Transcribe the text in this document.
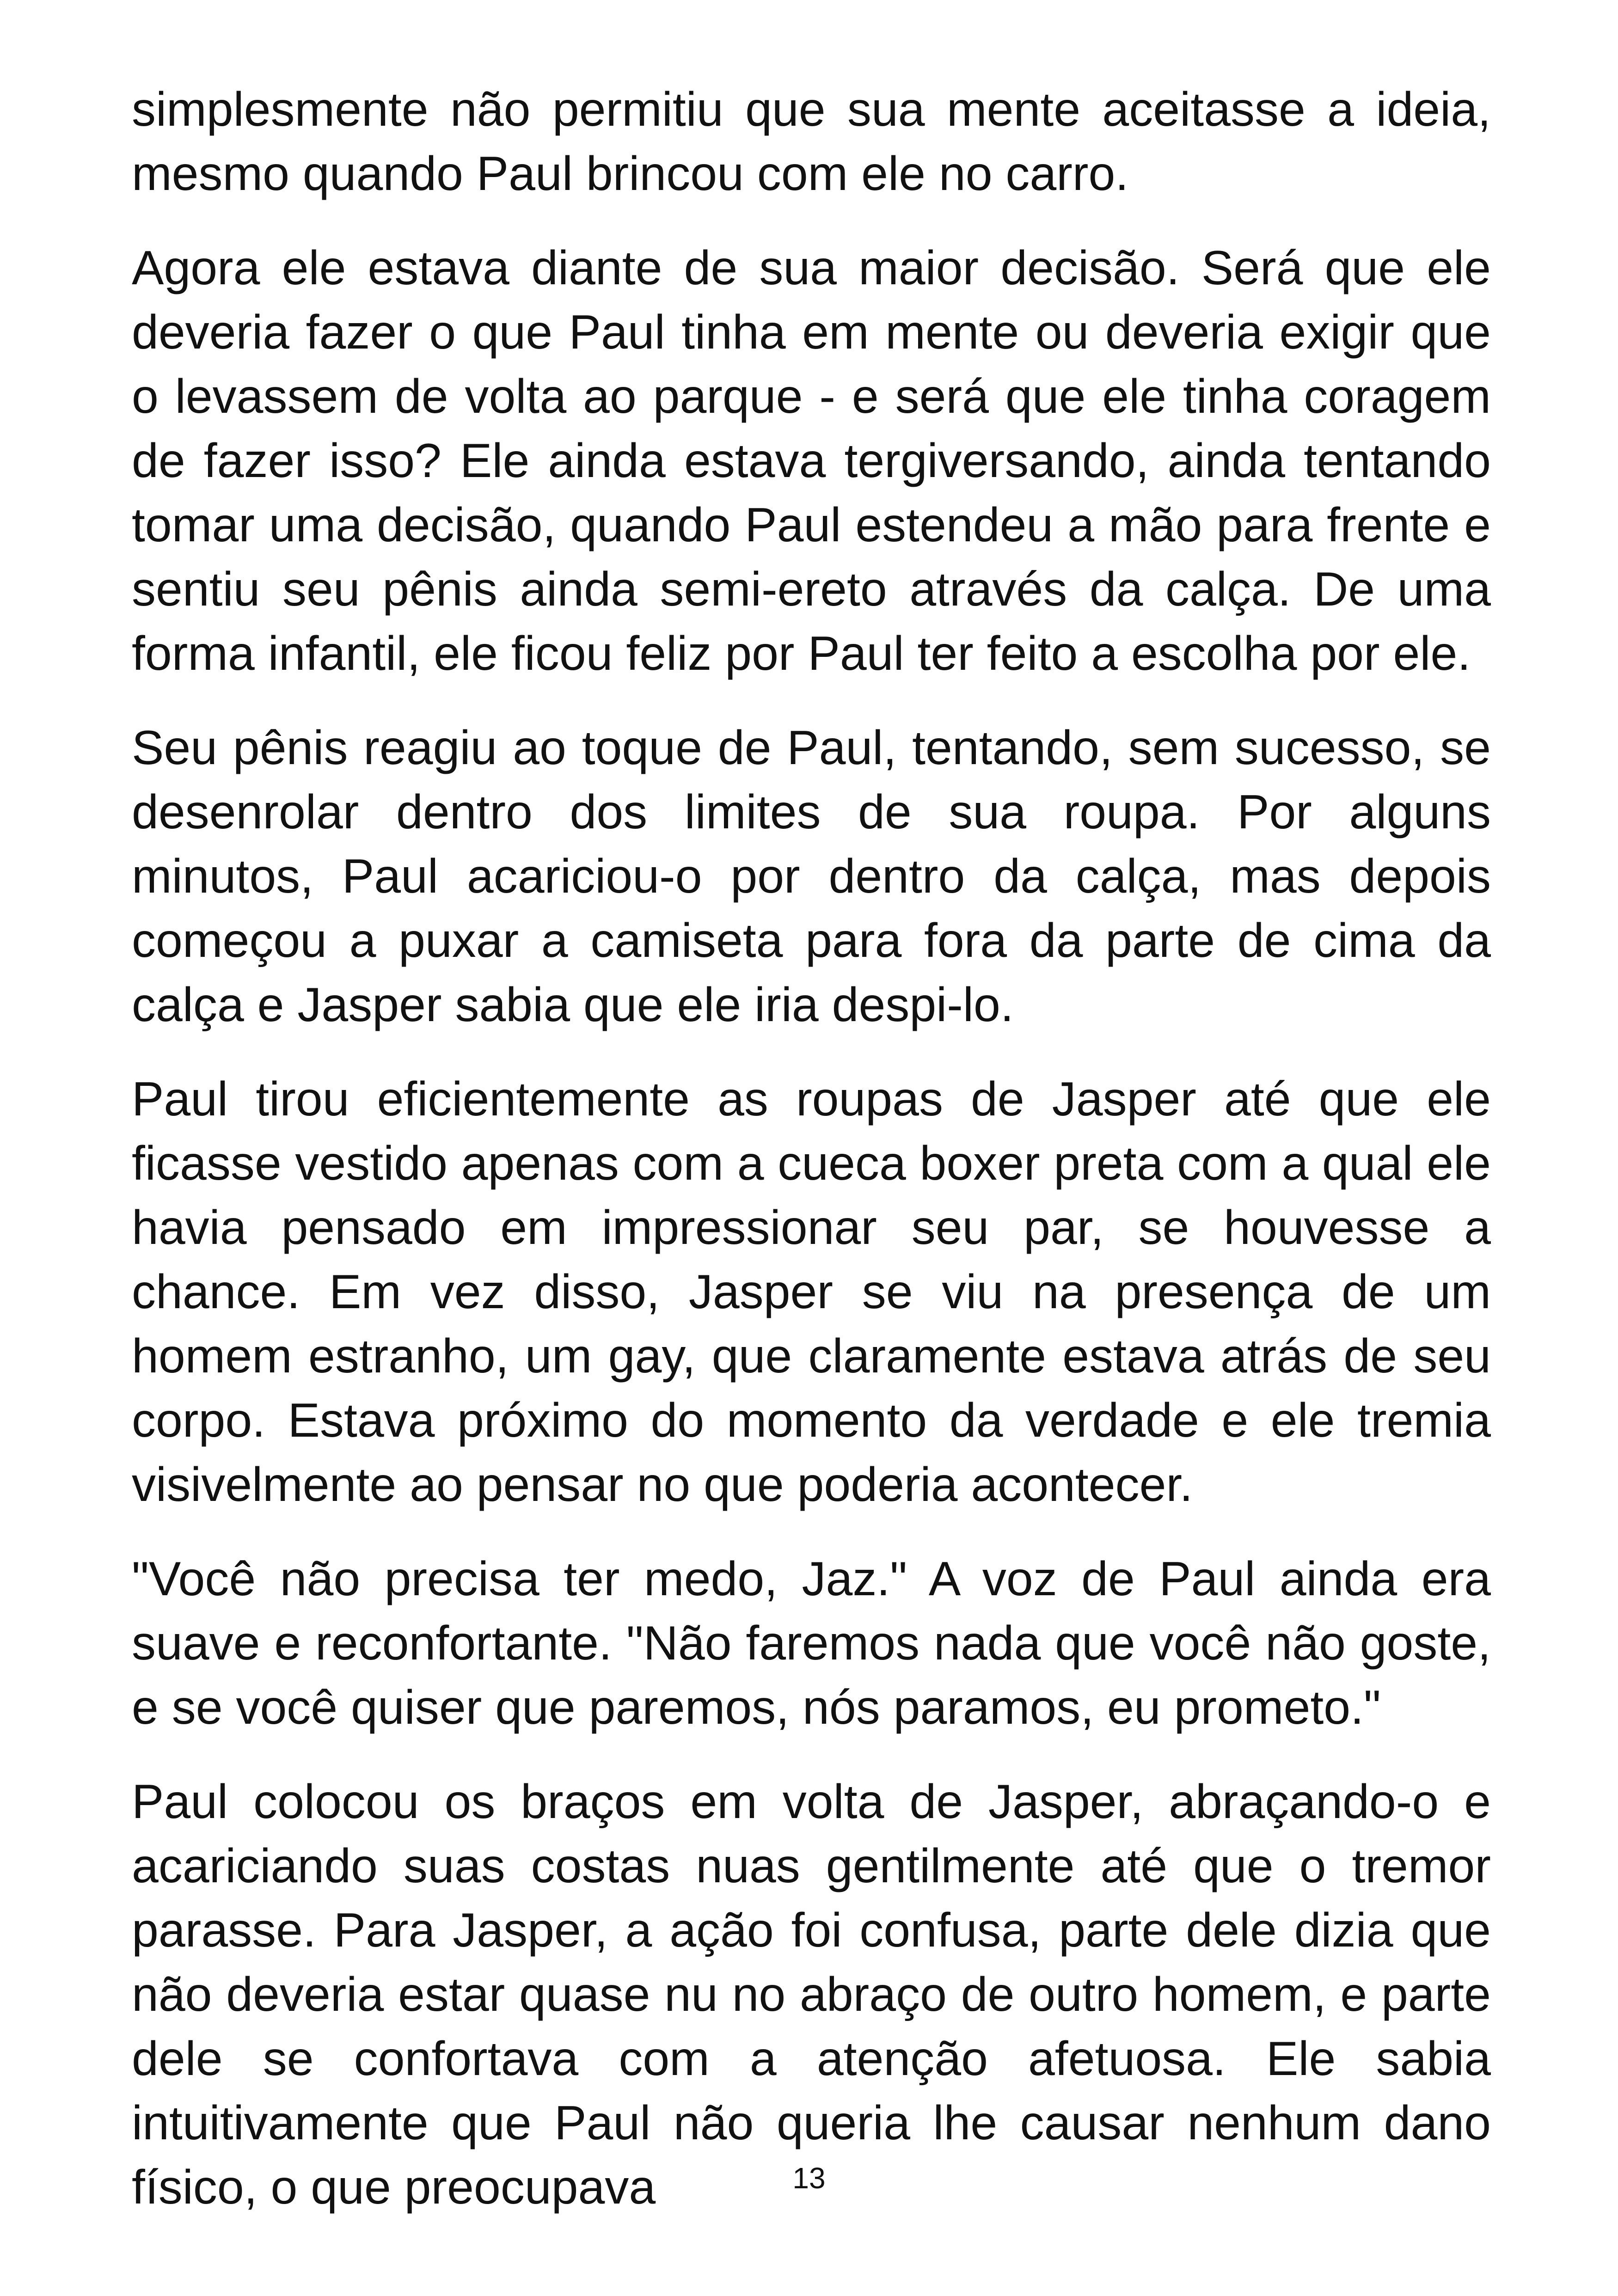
simplesmente não permitiu que sua mente aceitasse a ideia, mesmo quando Paul brincou com ele no carro.

Agora ele estava diante de sua maior decisão. Será que ele deveria fazer o que Paul tinha em mente ou deveria exigir que o levassem de volta ao parque - e será que ele tinha coragem de fazer isso? Ele ainda estava tergiversando, ainda tentando tomar uma decisão, quando Paul estendeu a mão para frente e sentiu seu pênis ainda semi-ereto através da calça. De uma forma infantil, ele ficou feliz por Paul ter feito a escolha por ele.

Seu pênis reagiu ao toque de Paul, tentando, sem sucesso, se desenrolar dentro dos limites de sua roupa. Por alguns minutos, Paul acariciou-o por dentro da calça, mas depois começou a puxar a camiseta para fora da parte de cima da calça e Jasper sabia que ele iria despi-lo.

Paul tirou eficientemente as roupas de Jasper até que ele ficasse vestido apenas com a cueca boxer preta com a qual ele havia pensado em impressionar seu par, se houvesse a chance. Em vez disso, Jasper se viu na presença de um homem estranho, um gay, que claramente estava atrás de seu corpo. Estava próximo do momento da verdade e ele tremia visivelmente ao pensar no que poderia acontecer.

"Você não precisa ter medo, Jaz." A voz de Paul ainda era suave e reconfortante. "Não faremos nada que você não goste, e se você quiser que paremos, nós paramos, eu prometo."

Paul colocou os braços em volta de Jasper, abraçando-o e acariciando suas costas nuas gentilmente até que o tremor parasse. Para Jasper, a ação foi confusa, parte dele dizia que não deveria estar quase nu no abraço de outro homem, e parte dele se confortava com a atenção afetuosa. Ele sabia intuitivamente que Paul não queria lhe causar nenhum dano físico, o que preocupava	13
